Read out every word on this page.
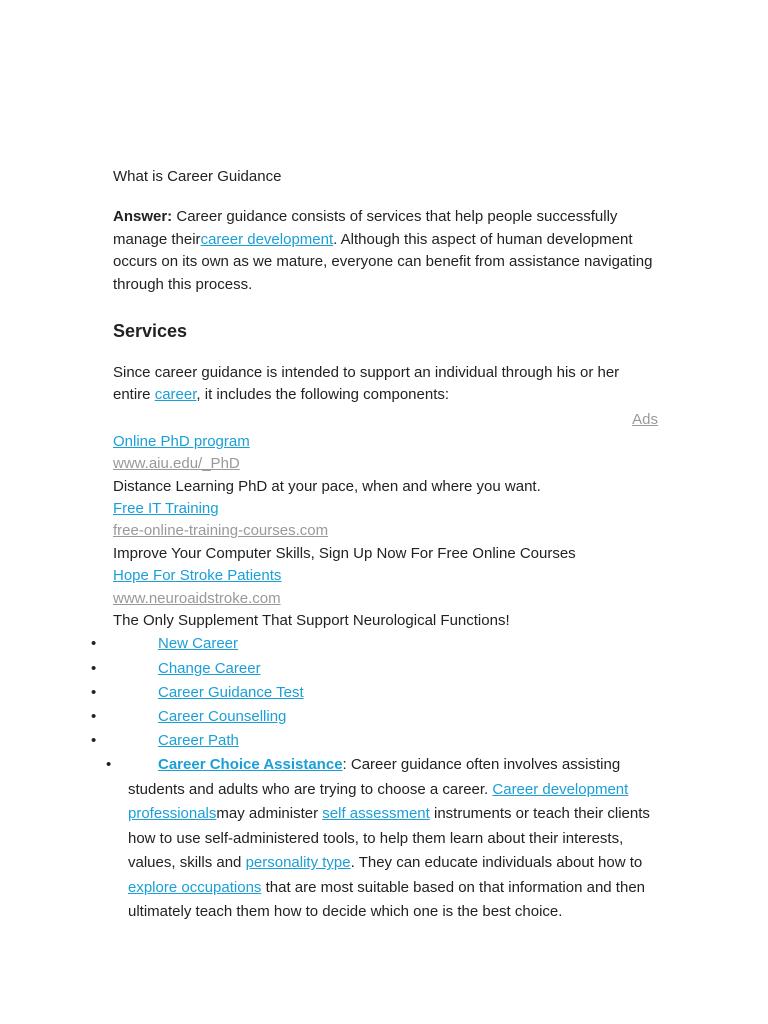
What is Career Guidance

Answer: Career guidance consists of services that help people successfully manage theircareer development. Although this aspect of human development occurs on its own as we mature, everyone can benefit from assistance navigating through this process.

Services

Since career guidance is intended to support an individual through his or her entire career, it includes the following components:

Ads
Online PhD program
www.aiu.edu/_PhD
Distance Learning PhD at your pace, when and where you want.
Free IT Training
free-online-training-courses.com
Improve Your Computer Skills, Sign Up Now For Free Online Courses
Hope For Stroke Patients
www.neuroaidstroke.com
The Only Supplement That Support Neurological Functions!
• New Career
• Change Career
• Career Guidance Test
• Career Counselling
• Career Path
• Career Choice Assistance: Career guidance often involves assisting students and adults who are trying to choose a career. Career development professionalsmay administer self assessment instruments or teach their clients how to use self-administered tools, to help them learn about their interests, values, skills and personality type. They can educate individuals about how to explore occupations that are most suitable based on that information and then ultimately teach them how to decide which one is the best choice.
